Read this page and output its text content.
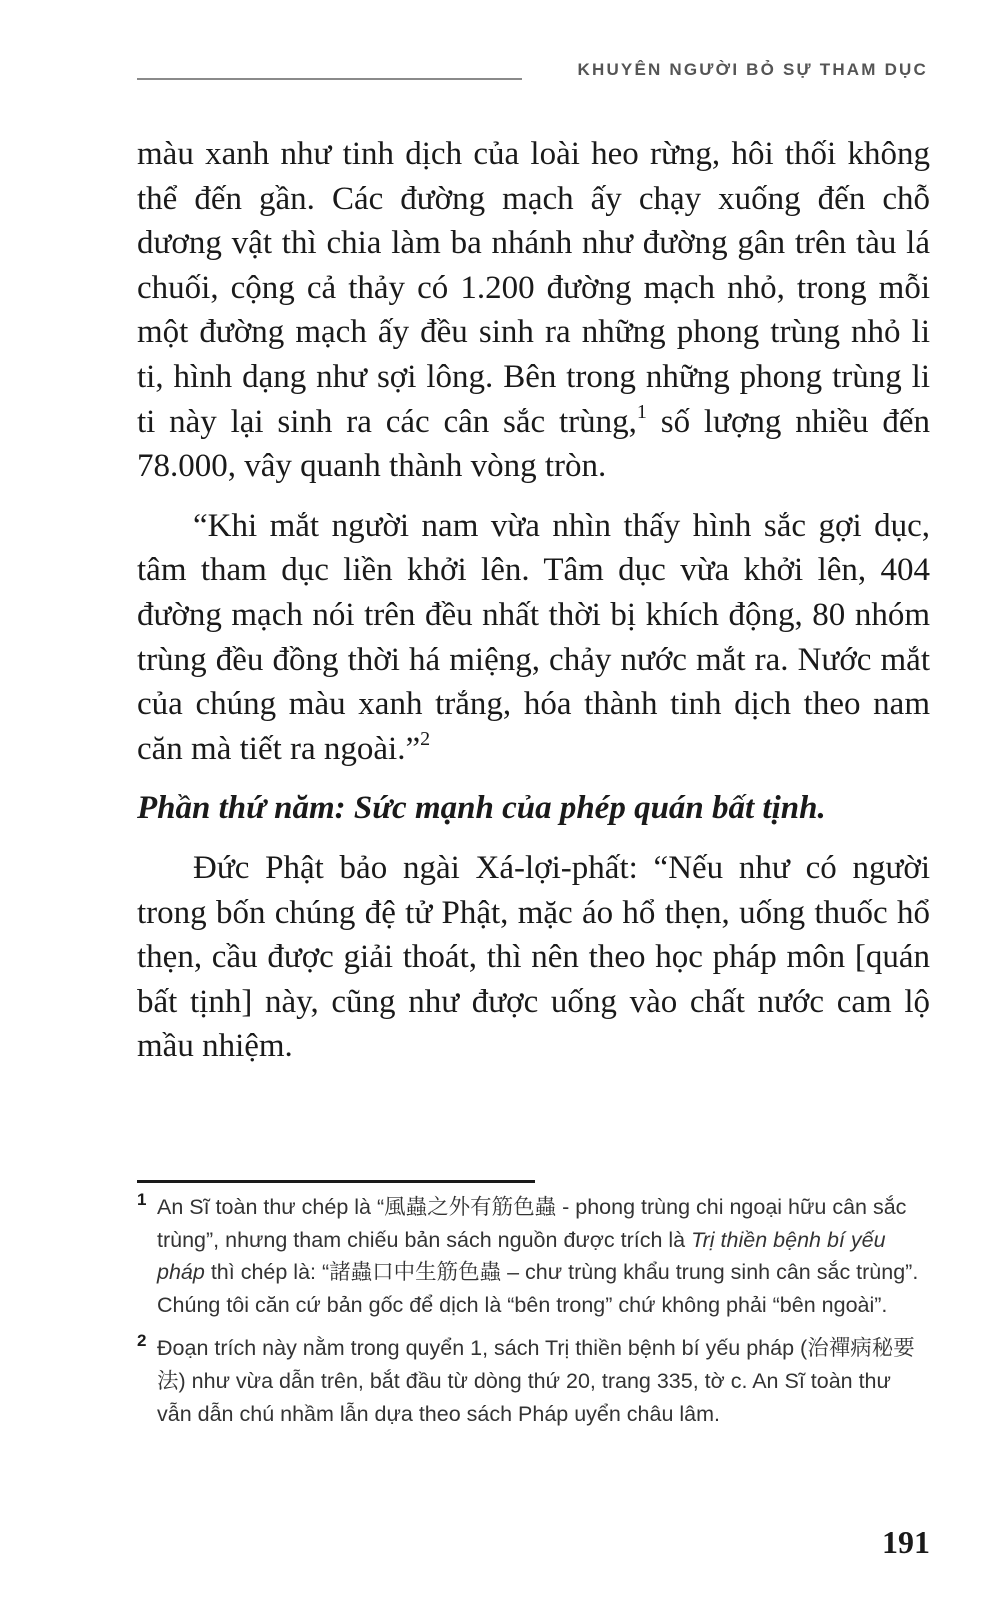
KHUYÊN NGƯỜI BỎ SỰ THAM DỤC

màu xanh như tinh dịch của loài heo rừng, hôi thối không thể đến gần. Các đường mạch ấy chạy xuống đến chỗ dương vật thì chia làm ba nhánh như đường gân trên tàu lá chuối, cộng cả thảy có 1.200 đường mạch nhỏ, trong mỗi một đường mạch ấy đều sinh ra những phong trùng nhỏ li ti, hình dạng như sợi lông. Bên trong những phong trùng li ti này lại sinh ra các cân sắc trùng,$^1$ số lượng nhiều đến 78.000, vây quanh thành vòng tròn.

“Khi mắt người nam vừa nhìn thấy hình sắc gợi dục, tâm tham dục liền khởi lên. Tâm dục vừa khởi lên, 404 đường mạch nói trên đều nhất thời bị khích động, 80 nhóm trùng đều đồng thời há miệng, chảy nước mắt ra. Nước mắt của chúng màu xanh trắng, hóa thành tinh dịch theo nam căn mà tiết ra ngoài.”$^2$

Phần thứ năm: Sức mạnh của phép quán bất tịnh.

Đức Phật bảo ngài Xá-lợi-phất: “Nếu như có người trong bốn chúng đệ tử Phật, mặc áo hổ thẹn, uống thuốc hổ thẹn, cầu được giải thoát, thì nên theo học pháp môn [quán bất tịnh] này, cũng như được uống vào chất nước cam lộ mầu nhiệm.

1 An Sĩ toàn thư chép là “風蟲之外有筋色蟲 - phong trùng chi ngoại hữu cân sắc trùng”, nhưng tham chiếu bản sách nguồn được trích là Trị thiền bệnh bí yếu pháp thì chép là: “諸蟲口中生筋色蟲 – chư trùng khẩu trung sinh cân sắc trùng”. Chúng tôi căn cứ bản gốc để dịch là “bên trong” chứ không phải “bên ngoài”.
2 Đoạn trích này nằm trong quyển 1, sách Trị thiền bệnh bí yếu pháp (治禪病秘要法) như vừa dẫn trên, bắt đầu từ dòng thứ 20, trang 335, tờ c. An Sĩ toàn thư vẫn dẫn chú nhầm lẫn dựa theo sách Pháp uyển châu lâm.
191
